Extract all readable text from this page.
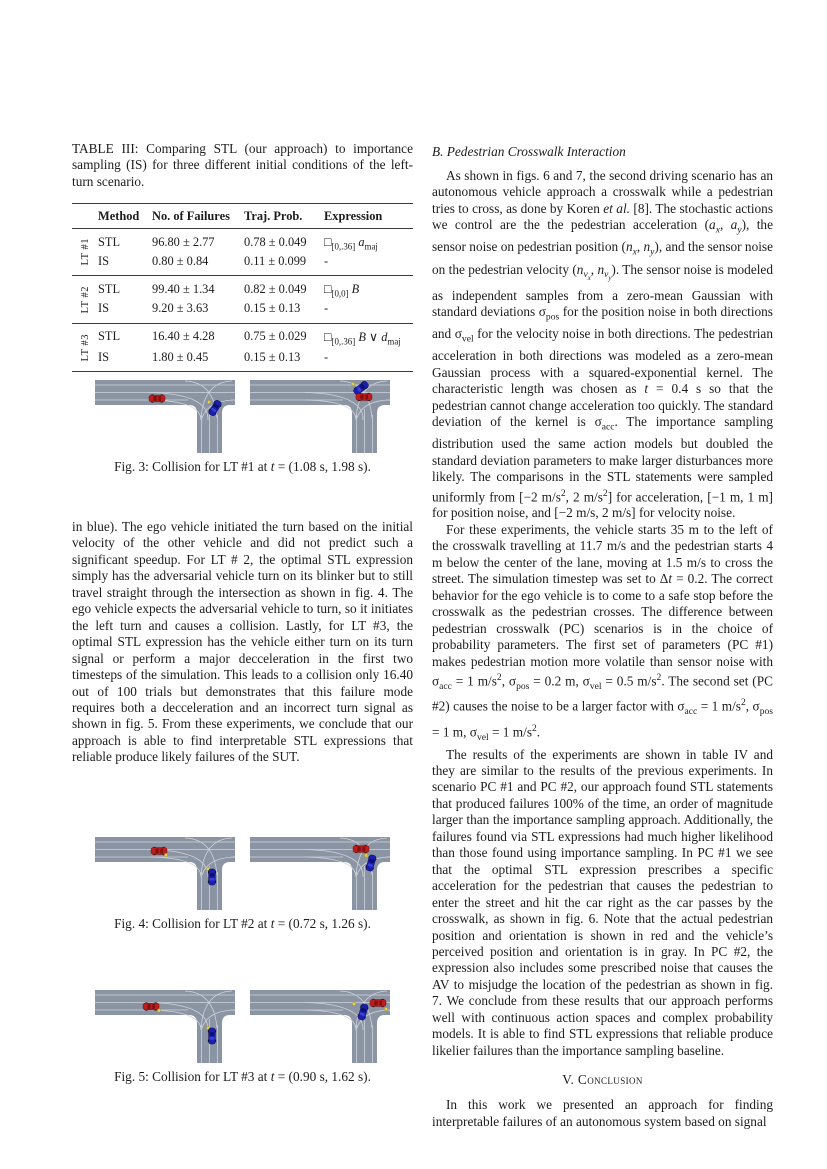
TABLE III: Comparing STL (our approach) to importance sampling (IS) for three different initial conditions of the left-turn scenario.
Method	No. of Failures	Traj. Prob.	Expression
LT #1 STL	96.80 ± 2.77	0.78 ± 0.049	$□_{[0,.36]}$ $a_{maj}$
IS	0.80 ± 0.84	0.11 ± 0.099	-
LT #2 STL	99.40 ± 1.34	0.82 ± 0.049	$□_{[0,0]}$ B
IS	9.20 ± 3.63	0.15 ± 0.13	-
LT #3 STL	16.40 ± 4.28	0.75 ± 0.029	$□_{[0,.36]}$ B ∨ $d_{maj}$
IS	1.80 ± 0.45	0.15 ± 0.13	-
Fig. 3: Collision for LT #1 at t = (1.08 s, 1.98 s).

in blue). The ego vehicle initiated the turn based on the initial velocity of the other vehicle and did not predict such a significant speedup. For LT # 2, the optimal STL expression simply has the adversarial vehicle turn on its blinker but to still travel straight through the intersection as shown in fig. 4. The ego vehicle expects the adversarial vehicle to turn, so it initiates the left turn and causes a collision. Lastly, for LT #3, the optimal STL expression has the vehicle either turn on its turn signal or perform a major decceleration in the first two timesteps of the simulation. This leads to a collision only 16.40 out of 100 trials but demonstrates that this failure mode requires both a decceleration and an incorrect turn signal as shown in fig. 5. From these experiments, we conclude that our approach is able to find interpretable STL expressions that reliable produce likely failures of the SUT.

Fig. 4: Collision for LT #2 at t = (0.72 s, 1.26 s).
Fig. 5: Collision for LT #3 at t = (0.90 s, 1.62 s).
B. Pedestrian Crosswalk Interaction

As shown in figs. 6 and 7, the second driving scenario has an autonomous vehicle approach a crosswalk while a pedestrian tries to cross, as done by Koren et al. [8]. The stochastic actions we control are the the pedestrian acceleration ($a_x$, $a_y$), the sensor noise on pedestrian position ($n_x$, $n_y$), and the sensor noise on the pedestrian velocity ($n_{v_x}$, $n_{v_y}$). The sensor noise is modeled as independent samples from a zero-mean Gaussian with standard deviations $\sigma_{pos}$ for the position noise in both directions and $\sigma_{vel}$ for the velocity noise in both directions. The pedestrian acceleration in both directions was modeled as a zero-mean Gaussian process with a squared-exponential kernel. The characteristic length was chosen as t = 0.4 s so that the pedestrian cannot change acceleration too quickly. The standard deviation of the kernel is $\sigma_{acc}$. The importance sampling distribution used the same action models but doubled the standard deviation parameters to make larger disturbances more likely. The comparisons in the STL statements were sampled uniformly from [−2 $m/s^2$, 2 $m/s^2$] for acceleration, [−1 m, 1 m] for position noise, and [−2 m/s, 2 m/s] for velocity noise.

For these experiments, the vehicle starts 35 m to the left of the crosswalk travelling at 11.7 m/s and the pedestrian starts 4 m below the center of the lane, moving at 1.5 m/s to cross the street. The simulation timestep was set to Δt = 0.2. The correct behavior for the ego vehicle is to come to a safe stop before the crosswalk as the pedestrian crosses. The difference between pedestrian crosswalk (PC) scenarios is in the choice of probability parameters. The first set of parameters (PC #1) makes pedestrian motion more volatile than sensor noise with $\sigma_{acc} = 1$ $m/s^2$, $\sigma_{pos} = 0.2$ m, $\sigma_{vel} = 0.5$ $m/s^2$. The second set (PC #2) causes the noise to be a larger factor with $\sigma_{acc} = 1$ $m/s^2$, $\sigma_{pos} = 1$ m, $\sigma_{vel} = 1$ $m/s^2$.

The results of the experiments are shown in table IV and they are similar to the results of the previous experiments. In scenario PC #1 and PC #2, our approach found STL statements that produced failures 100% of the time, an order of magnitude larger than the importance sampling approach. Additionally, the failures found via STL expressions had much higher likelihood than those found using importance sampling. In PC #1 we see that the optimal STL expression prescribes a specific acceleration for the pedestrian that causes the pedestrian to enter the street and hit the car right as the car passes by the crosswalk, as shown in fig. 6. Note that the actual pedestrian position and orientation is shown in red and the vehicle’s perceived position and orientation is in gray. In PC #2, the expression also includes some prescribed noise that causes the AV to misjudge the location of the pedestrian as shown in fig. 7. We conclude from these results that our approach performs well with continuous action spaces and complex probability models. It is able to find STL expressions that reliable produce likelier failures than the importance sampling baseline.

V. Conclusion

In this work we presented an approach for finding interpretable failures of an autonomous system based on signal
